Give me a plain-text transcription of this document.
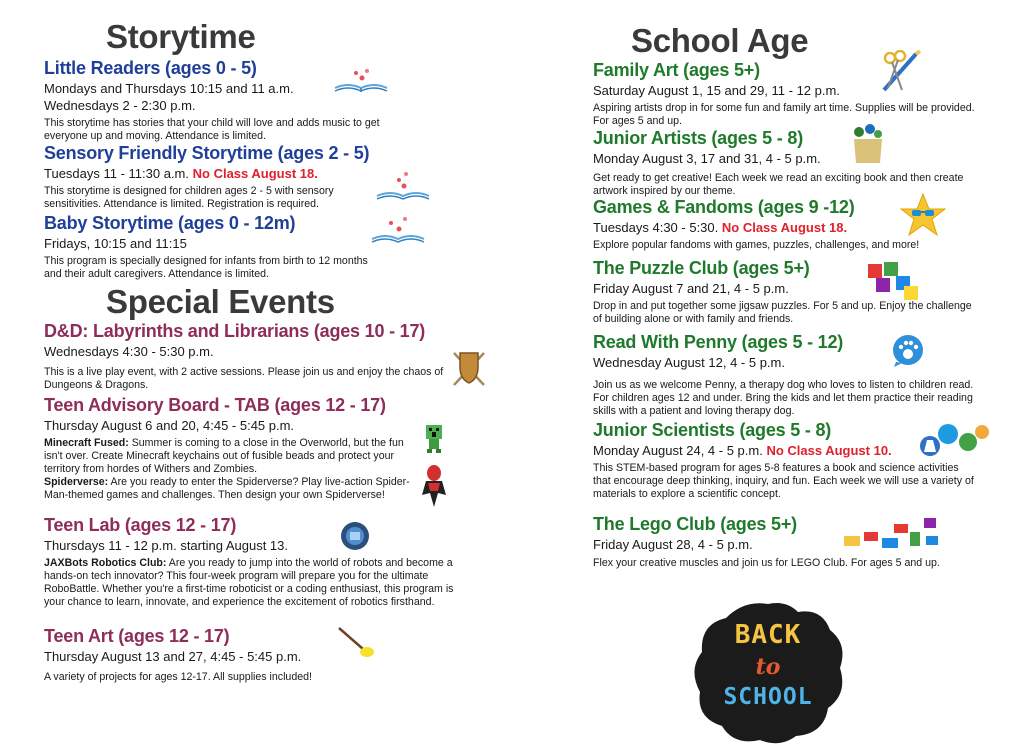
Storytime
Little Readers (ages 0 - 5)
Mondays and Thursdays 10:15 and 11 a.m.
Wednesdays 2 - 2:30 p.m.
This storytime has stories that your child will love and adds music to get everyone up and moving. Attendance is limited.
Sensory Friendly Storytime (ages 2 - 5)
Tuesdays 11 - 11:30 a.m. No Class August 18.
This storytime is designed for children ages 2 - 5 with sensory sensitivities. Attendance is limited. Registration is required.
Baby Storytime (ages 0 - 12m)
Fridays, 10:15 and 11:15
This program is specially designed for infants from birth to 12 months and their adult caregivers. Attendance is limited.
Special Events
D&D: Labyrinths and Librarians (ages 10 - 17)
Wednesdays 4:30 - 5:30 p.m.
This is a live play event, with 2 active sessions. Please join us and enjoy the chaos of Dungeons & Dragons.
Teen Advisory Board - TAB (ages 12 - 17)
Thursday August 6 and 20, 4:45 - 5:45 p.m.
Minecraft Fused: Summer is coming to a close in the Overworld, but the fun isn't over. Create Minecraft keychains out of fusible beads and protect your territory from hordes of Withers and Zombies.
Spiderverse: Are you ready to enter the Spiderverse? Play live-action Spider-Man-themed games and challenges. Then design your own Spiderverse!
Teen Lab (ages 12 - 17)
Thursdays 11 - 12 p.m. starting August 13.
JAXBots Robotics Club: Are you ready to jump into the world of robots and become a hands-on tech innovator? This four-week program will prepare you for the ultimate RoboBattle. Whether you're a first-time roboticist or a coding enthusiast, this program is your chance to learn, innovate, and experience the excitement of robotics firsthand.
Teen Art (ages 12 - 17)
Thursday August 13 and 27, 4:45 - 5:45 p.m.
A variety of projects for ages 12-17. All supplies included!
School Age
Family Art (ages 5+)
Saturday August 1, 15 and 29, 11 - 12 p.m.
Aspiring artists drop in for some fun and family art time. Supplies will be provided. For ages 5 and up.
Junior Artists (ages 5 - 8)
Monday August 3, 17 and 31, 4 - 5 p.m.
Get ready to get creative! Each week we read an exciting book and then create artwork inspired by our theme.
Games & Fandoms (ages 9 -12)
Tuesdays 4:30 - 5:30. No Class August 18.
Explore popular fandoms with games, puzzles, challenges, and more!
The Puzzle Club (ages 5+)
Friday August 7 and 21, 4 - 5 p.m.
Drop in and put together some jigsaw puzzles. For 5 and up. Enjoy the challenge of building alone or with family and friends.
Read With Penny (ages 5 - 12)
Wednesday August 12, 4 - 5 p.m.
Join us as we welcome Penny, a therapy dog who loves to listen to children read. For children ages 12 and under. Bring the kids and let them practice their reading skills with a patient and loving therapy dog.
Junior Scientists (ages 5 - 8)
Monday August 24, 4 - 5 p.m. No Class August 10.
This STEM-based program for ages 5-8 features a book and science activities that encourage deep thinking, inquiry, and fun. Each week we will use a variety of materials to explore a scientific concept.
The Lego Club (ages 5+)
Friday August 28, 4 - 5 p.m.
Flex your creative muscles and join us for LEGO Club. For ages 5 and up.
BACK
to
SCHOOL
